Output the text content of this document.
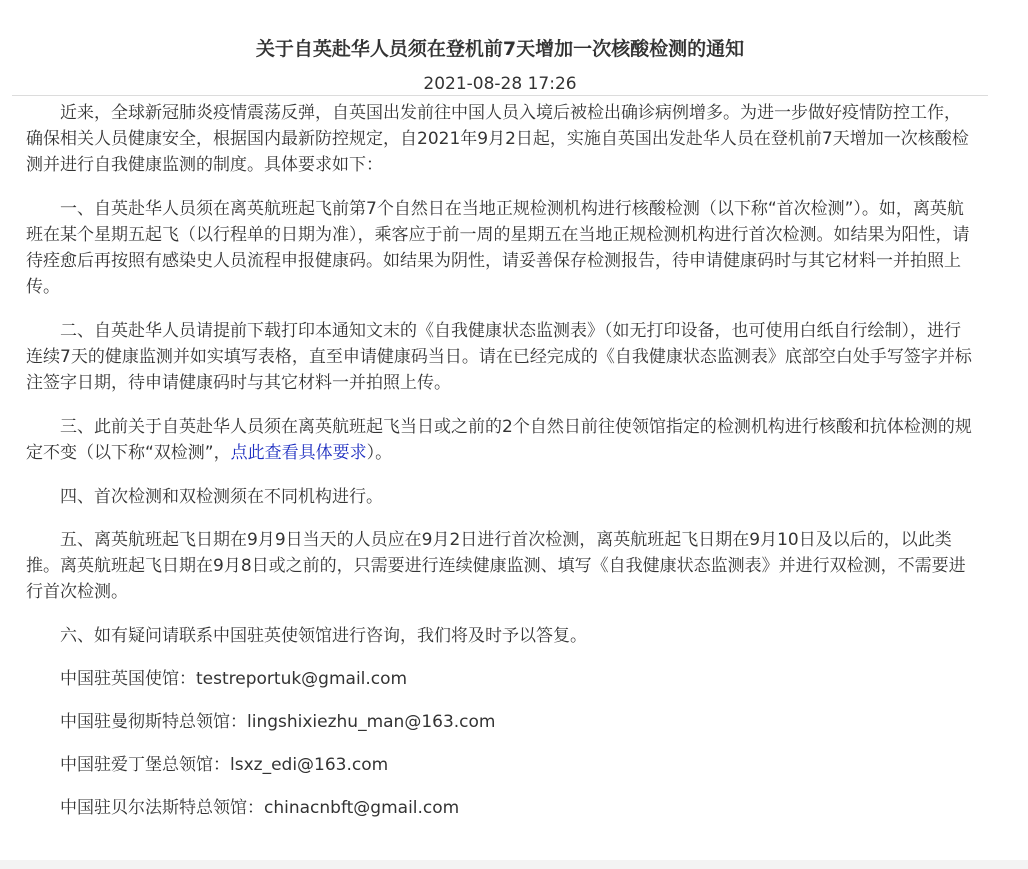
关于自英赴华人员须在登机前7天增加一次核酸检测的通知
2021-08-28 17:26

近来，全球新冠肺炎疫情震荡反弹，自英国出发前往中国人员入境后被检出确诊病例增多。为进一步做好疫情防控工作，确保相关人员健康安全，根据国内最新防控规定，自2021年9月2日起，实施自英国出发赴华人员在登机前7天增加一次核酸检测并进行自我健康监测的制度。具体要求如下：

一、自英赴华人员须在离英航班起飞前第7个自然日在当地正规检测机构进行核酸检测（以下称“首次检测”）。如，离英航班在某个星期五起飞（以行程单的日期为准），乘客应于前一周的星期五在当地正规检测机构进行首次检测。如结果为阳性，请待痊愈后再按照有感染史人员流程申报健康码。如结果为阴性，请妥善保存检测报告，待申请健康码时与其它材料一并拍照上传。

二、自英赴华人员请提前下载打印本通知文末的《自我健康状态监测表》（如无打印设备，也可使用白纸自行绘制），进行连续7天的健康监测并如实填写表格，直至申请健康码当日。请在已经完成的《自我健康状态监测表》底部空白处手写签字并标注签字日期，待申请健康码时与其它材料一并拍照上传。

三、此前关于自英赴华人员须在离英航班起飞当日或之前的2个自然日前往使领馆指定的检测机构进行核酸和抗体检测的规定不变（以下称“双检测”，点此查看具体要求）。

四、首次检测和双检测须在不同机构进行。

五、离英航班起飞日期在9月9日当天的人员应在9月2日进行首次检测，离英航班起飞日期在9月10日及以后的，以此类推。离英航班起飞日期在9月8日或之前的，只需要进行连续健康监测、填写《自我健康状态监测表》并进行双检测，不需要进行首次检测。

六、如有疑问请联系中国驻英使领馆进行咨询，我们将及时予以答复。

中国驻英国使馆：testreportuk@gmail.com
中国驻曼彻斯特总领馆：lingshixiezhu_man@163.com
中国驻爱丁堡总领馆：lsxz_edi@163.com
中国驻贝尔法斯特总领馆：chinacnbft@gmail.com
